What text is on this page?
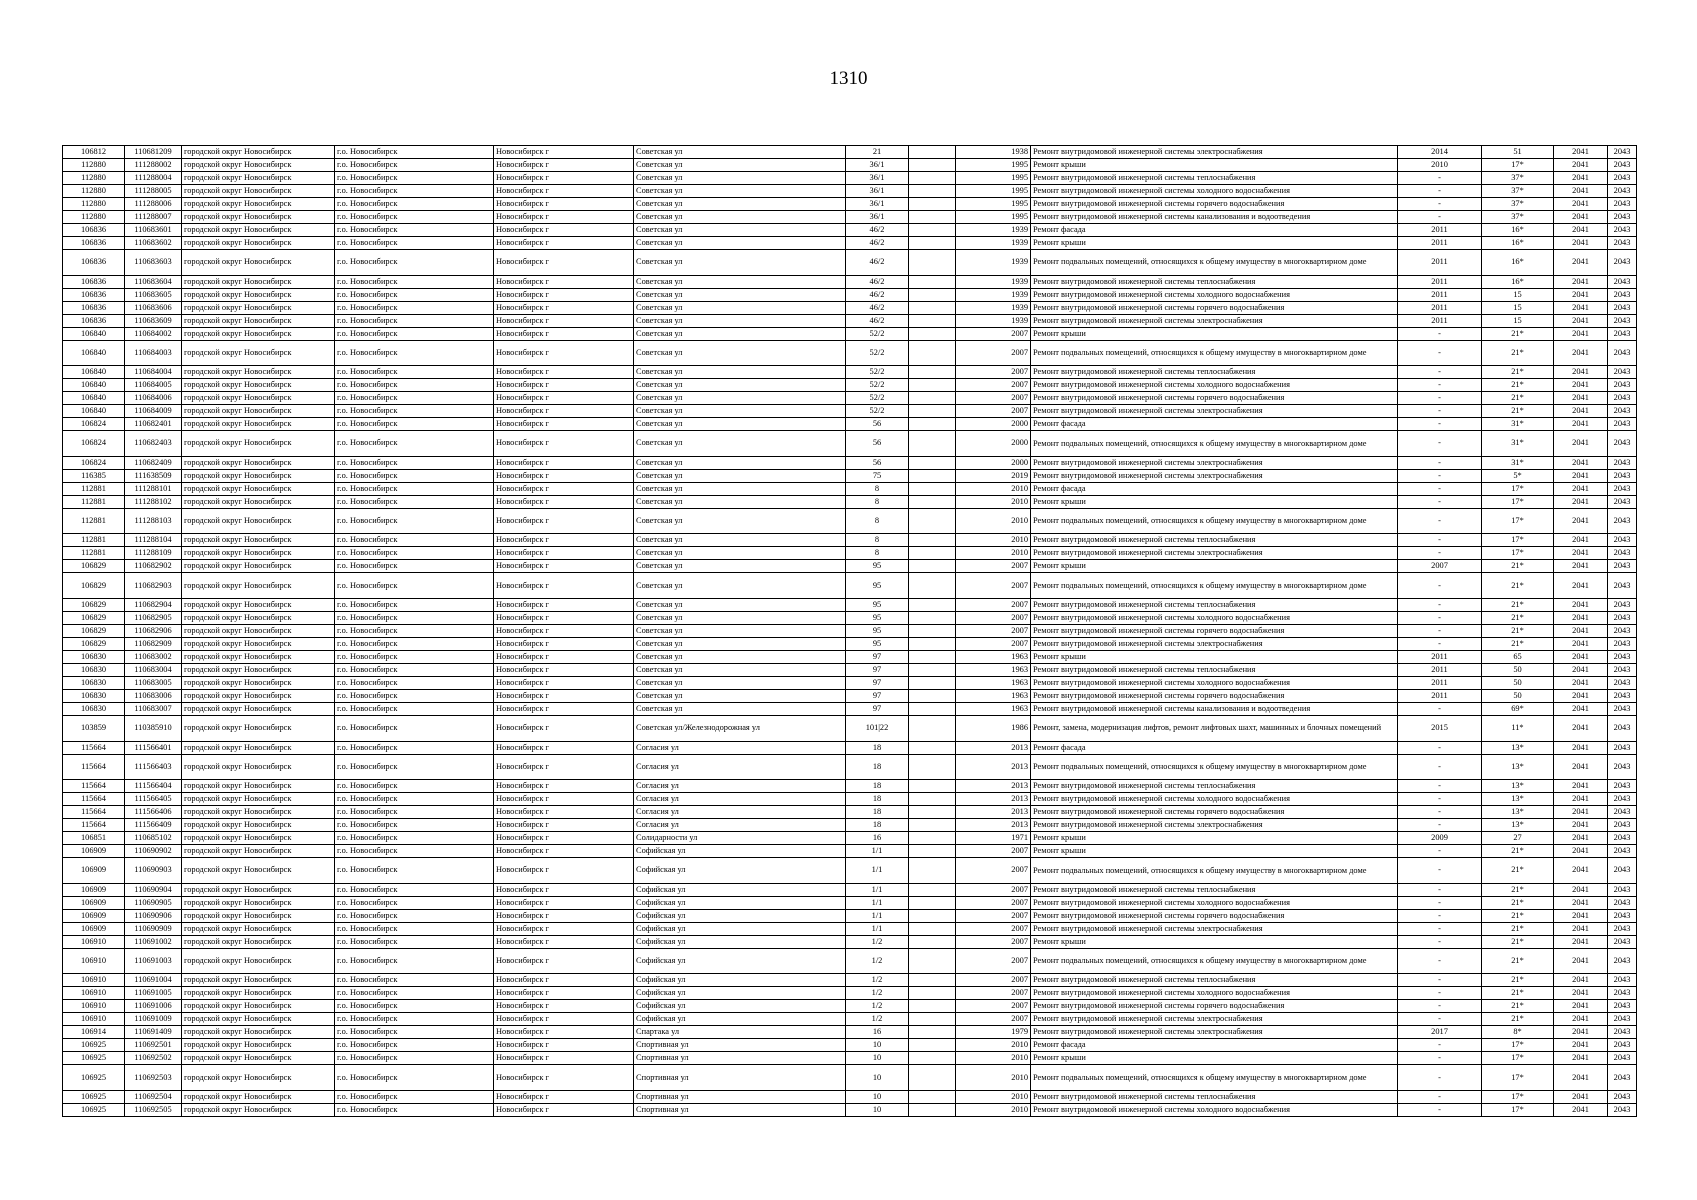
1310
106812	110681209	городской округ Новосибирск	г.о. Новосибирск	Новосибирск г	Советская ул	21		1938	Ремонт внутридомовой инженерной системы электроснабжения	2014	51	2041	2043
112880	111288002	городской округ Новосибирск	г.о. Новосибирск	Новосибирск г	Советская ул	36/1		1995	Ремонт крыши	2010	17*	2041	2043
112880	111288004	городской округ Новосибирск	г.о. Новосибирск	Новосибирск г	Советская ул	36/1		1995	Ремонт внутридомовой инженерной системы теплоснабжения	-	37*	2041	2043
112880	111288005	городской округ Новосибирск	г.о. Новосибирск	Новосибирск г	Советская ул	36/1		1995	Ремонт внутридомовой инженерной системы холодного водоснабжения	-	37*	2041	2043
112880	111288006	городской округ Новосибирск	г.о. Новосибирск	Новосибирск г	Советская ул	36/1		1995	Ремонт внутридомовой инженерной системы горячего водоснабжения	-	37*	2041	2043
112880	111288007	городской округ Новосибирск	г.о. Новосибирск	Новосибирск г	Советская ул	36/1		1995	Ремонт внутридомовой инженерной системы канализования и водоотведения	-	37*	2041	2043
106836	110683601	городской округ Новосибирск	г.о. Новосибирск	Новосибирск г	Советская ул	46/2		1939	Ремонт фасада	2011	16*	2041	2043
106836	110683602	городской округ Новосибирск	г.о. Новосибирск	Новосибирск г	Советская ул	46/2		1939	Ремонт крыши	2011	16*	2041	2043
106836	110683603	городской округ Новосибирск	г.о. Новосибирск	Новосибирск г	Советская ул	46/2		1939	Ремонт подвальных помещений, относящихся к общему имуществу в многоквартирном доме	2011	16*	2041	2043
106836	110683604	городской округ Новосибирск	г.о. Новосибирск	Новосибирск г	Советская ул	46/2		1939	Ремонт внутридомовой инженерной системы теплоснабжения	2011	16*	2041	2043
106836	110683605	городской округ Новосибирск	г.о. Новосибирск	Новосибирск г	Советская ул	46/2		1939	Ремонт внутридомовой инженерной системы холодного водоснабжения	2011	15	2041	2043
106836	110683606	городской округ Новосибирск	г.о. Новосибирск	Новосибирск г	Советская ул	46/2		1939	Ремонт внутридомовой инженерной системы горячего водоснабжения	2011	15	2041	2043
106836	110683609	городской округ Новосибирск	г.о. Новосибирск	Новосибирск г	Советская ул	46/2		1939	Ремонт внутридомовой инженерной системы электроснабжения	2011	15	2041	2043
106840	110684002	городской округ Новосибирск	г.о. Новосибирск	Новосибирск г	Советская ул	52/2		2007	Ремонт крыши	-	21*	2041	2043
106840	110684003	городской округ Новосибирск	г.о. Новосибирск	Новосибирск г	Советская ул	52/2		2007	Ремонт подвальных помещений, относящихся к общему имуществу в многоквартирном доме	-	21*	2041	2043
106840	110684004	городской округ Новосибирск	г.о. Новосибирск	Новосибирск г	Советская ул	52/2		2007	Ремонт внутридомовой инженерной системы теплоснабжения	-	21*	2041	2043
106840	110684005	городской округ Новосибирск	г.о. Новосибирск	Новосибирск г	Советская ул	52/2		2007	Ремонт внутридомовой инженерной системы холодного водоснабжения	-	21*	2041	2043
106840	110684006	городской округ Новосибирск	г.о. Новосибирск	Новосибирск г	Советская ул	52/2		2007	Ремонт внутридомовой инженерной системы горячего водоснабжения	-	21*	2041	2043
106840	110684009	городской округ Новосибирск	г.о. Новосибирск	Новосибирск г	Советская ул	52/2		2007	Ремонт внутридомовой инженерной системы электроснабжения	-	21*	2041	2043
106824	110682401	городской округ Новосибирск	г.о. Новосибирск	Новосибирск г	Советская ул	56		2000	Ремонт фасада	-	31*	2041	2043
106824	110682403	городской округ Новосибирск	г.о. Новосибирск	Новосибирск г	Советская ул	56		2000	Ремонт подвальных помещений, относящихся к общему имуществу в многоквартирном доме	-	31*	2041	2043
106824	110682409	городской округ Новосибирск	г.о. Новосибирск	Новосибирск г	Советская ул	56		2000	Ремонт внутридомовой инженерной системы электроснабжения	-	31*	2041	2043
116385	111638509	городской округ Новосибирск	г.о. Новосибирск	Новосибирск г	Советская ул	75		2019	Ремонт внутридомовой инженерной системы электроснабжения	-	5*	2041	2043
112881	111288101	городской округ Новосибирск	г.о. Новосибирск	Новосибирск г	Советская ул	8		2010	Ремонт фасада	-	17*	2041	2043
112881	111288102	городской округ Новосибирск	г.о. Новосибирск	Новосибирск г	Советская ул	8		2010	Ремонт крыши	-	17*	2041	2043
112881	111288103	городской округ Новосибирск	г.о. Новосибирск	Новосибирск г	Советская ул	8		2010	Ремонт подвальных помещений, относящихся к общему имуществу в многоквартирном доме	-	17*	2041	2043
112881	111288104	городской округ Новосибирск	г.о. Новосибирск	Новосибирск г	Советская ул	8		2010	Ремонт внутридомовой инженерной системы теплоснабжения	-	17*	2041	2043
112881	111288109	городской округ Новосибирск	г.о. Новосибирск	Новосибирск г	Советская ул	8		2010	Ремонт внутридомовой инженерной системы электроснабжения	-	17*	2041	2043
106829	110682902	городской округ Новосибирск	г.о. Новосибирск	Новосибирск г	Советская ул	95		2007	Ремонт крыши	2007	21*	2041	2043
106829	110682903	городской округ Новосибирск	г.о. Новосибирск	Новосибирск г	Советская ул	95		2007	Ремонт подвальных помещений, относящихся к общему имуществу в многоквартирном доме	-	21*	2041	2043
106829	110682904	городской округ Новосибирск	г.о. Новосибирск	Новосибирск г	Советская ул	95		2007	Ремонт внутридомовой инженерной системы теплоснабжения	-	21*	2041	2043
106829	110682905	городской округ Новосибирск	г.о. Новосибирск	Новосибирск г	Советская ул	95		2007	Ремонт внутридомовой инженерной системы холодного водоснабжения	-	21*	2041	2043
106829	110682906	городской округ Новосибирск	г.о. Новосибирск	Новосибирск г	Советская ул	95		2007	Ремонт внутридомовой инженерной системы горячего водоснабжения	-	21*	2041	2043
106829	110682909	городской округ Новосибирск	г.о. Новосибирск	Новосибирск г	Советская ул	95		2007	Ремонт внутридомовой инженерной системы электроснабжения	-	21*	2041	2043
106830	110683002	городской округ Новосибирск	г.о. Новосибирск	Новосибирск г	Советская ул	97		1963	Ремонт крыши	2011	65	2041	2043
106830	110683004	городской округ Новосибирск	г.о. Новосибирск	Новосибирск г	Советская ул	97		1963	Ремонт внутридомовой инженерной системы теплоснабжения	2011	50	2041	2043
106830	110683005	городской округ Новосибирск	г.о. Новосибирск	Новосибирск г	Советская ул	97		1963	Ремонт внутридомовой инженерной системы холодного водоснабжения	2011	50	2041	2043
106830	110683006	городской округ Новосибирск	г.о. Новосибирск	Новосибирск г	Советская ул	97		1963	Ремонт внутридомовой инженерной системы горячего водоснабжения	2011	50	2041	2043
106830	110683007	городской округ Новосибирск	г.о. Новосибирск	Новосибирск г	Советская ул	97		1963	Ремонт внутридомовой инженерной системы канализования и водоотведения	-	69*	2041	2043
103859	110385910	городской округ Новосибирск	г.о. Новосибирск	Новосибирск г	Советская ул/Железнодорожная ул	101|22		1986	Ремонт, замена, модернизация лифтов, ремонт лифтовых шахт, машинных и блочных помещений	2015	11*	2041	2043
115664	111566401	городской округ Новосибирск	г.о. Новосибирск	Новосибирск г	Согласия ул	18		2013	Ремонт фасада	-	13*	2041	2043
115664	111566403	городской округ Новосибирск	г.о. Новосибирск	Новосибирск г	Согласия ул	18		2013	Ремонт подвальных помещений, относящихся к общему имуществу в многоквартирном доме	-	13*	2041	2043
115664	111566404	городской округ Новосибирск	г.о. Новосибирск	Новосибирск г	Согласия ул	18		2013	Ремонт внутридомовой инженерной системы теплоснабжения	-	13*	2041	2043
115664	111566405	городской округ Новосибирск	г.о. Новосибирск	Новосибирск г	Согласия ул	18		2013	Ремонт внутридомовой инженерной системы холодного водоснабжения	-	13*	2041	2043
115664	111566406	городской округ Новосибирск	г.о. Новосибирск	Новосибирск г	Согласия ул	18		2013	Ремонт внутридомовой инженерной системы горячего водоснабжения	-	13*	2041	2043
115664	111566409	городской округ Новосибирск	г.о. Новосибирск	Новосибирск г	Согласия ул	18		2013	Ремонт внутридомовой инженерной системы электроснабжения	-	13*	2041	2043
106851	110685102	городской округ Новосибирск	г.о. Новосибирск	Новосибирск г	Солидарности ул	16		1971	Ремонт крыши	2009	27	2041	2043
106909	110690902	городской округ Новосибирск	г.о. Новосибирск	Новосибирск г	Софийская ул	1/1		2007	Ремонт крыши	-	21*	2041	2043
106909	110690903	городской округ Новосибирск	г.о. Новосибирск	Новосибирск г	Софийская ул	1/1		2007	Ремонт подвальных помещений, относящихся к общему имуществу в многоквартирном доме	-	21*	2041	2043
106909	110690904	городской округ Новосибирск	г.о. Новосибирск	Новосибирск г	Софийская ул	1/1		2007	Ремонт внутридомовой инженерной системы теплоснабжения	-	21*	2041	2043
106909	110690905	городской округ Новосибирск	г.о. Новосибирск	Новосибирск г	Софийская ул	1/1		2007	Ремонт внутридомовой инженерной системы холодного водоснабжения	-	21*	2041	2043
106909	110690906	городской округ Новосибирск	г.о. Новосибирск	Новосибирск г	Софийская ул	1/1		2007	Ремонт внутридомовой инженерной системы горячего водоснабжения	-	21*	2041	2043
106909	110690909	городской округ Новосибирск	г.о. Новосибирск	Новосибирск г	Софийская ул	1/1		2007	Ремонт внутридомовой инженерной системы электроснабжения	-	21*	2041	2043
106910	110691002	городской округ Новосибирск	г.о. Новосибирск	Новосибирск г	Софийская ул	1/2		2007	Ремонт крыши	-	21*	2041	2043
106910	110691003	городской округ Новосибирск	г.о. Новосибирск	Новосибирск г	Софийская ул	1/2		2007	Ремонт подвальных помещений, относящихся к общему имуществу в многоквартирном доме	-	21*	2041	2043
106910	110691004	городской округ Новосибирск	г.о. Новосибирск	Новосибирск г	Софийская ул	1/2		2007	Ремонт внутридомовой инженерной системы теплоснабжения	-	21*	2041	2043
106910	110691005	городской округ Новосибирск	г.о. Новосибирск	Новосибирск г	Софийская ул	1/2		2007	Ремонт внутридомовой инженерной системы холодного водоснабжения	-	21*	2041	2043
106910	110691006	городской округ Новосибирск	г.о. Новосибирск	Новосибирск г	Софийская ул	1/2		2007	Ремонт внутридомовой инженерной системы горячего водоснабжения	-	21*	2041	2043
106910	110691009	городской округ Новосибирск	г.о. Новосибирск	Новосибирск г	Софийская ул	1/2		2007	Ремонт внутридомовой инженерной системы электроснабжения	-	21*	2041	2043
106914	110691409	городской округ Новосибирск	г.о. Новосибирск	Новосибирск г	Спартака ул	16		1979	Ремонт внутридомовой инженерной системы электроснабжения	2017	8*	2041	2043
106925	110692501	городской округ Новосибирск	г.о. Новосибирск	Новосибирск г	Спортивная ул	10		2010	Ремонт фасада	-	17*	2041	2043
106925	110692502	городской округ Новосибирск	г.о. Новосибирск	Новосибирск г	Спортивная ул	10		2010	Ремонт крыши	-	17*	2041	2043
106925	110692503	городской округ Новосибирск	г.о. Новосибирск	Новосибирск г	Спортивная ул	10		2010	Ремонт подвальных помещений, относящихся к общему имуществу в многоквартирном доме	-	17*	2041	2043
106925	110692504	городской округ Новосибирск	г.о. Новосибирск	Новосибирск г	Спортивная ул	10		2010	Ремонт внутридомовой инженерной системы теплоснабжения	-	17*	2041	2043
106925	110692505	городской округ Новосибирск	г.о. Новосибирск	Новосибирск г	Спортивная ул	10		2010	Ремонт внутридомовой инженерной системы холодного водоснабжения	-	17*	2041	2043
